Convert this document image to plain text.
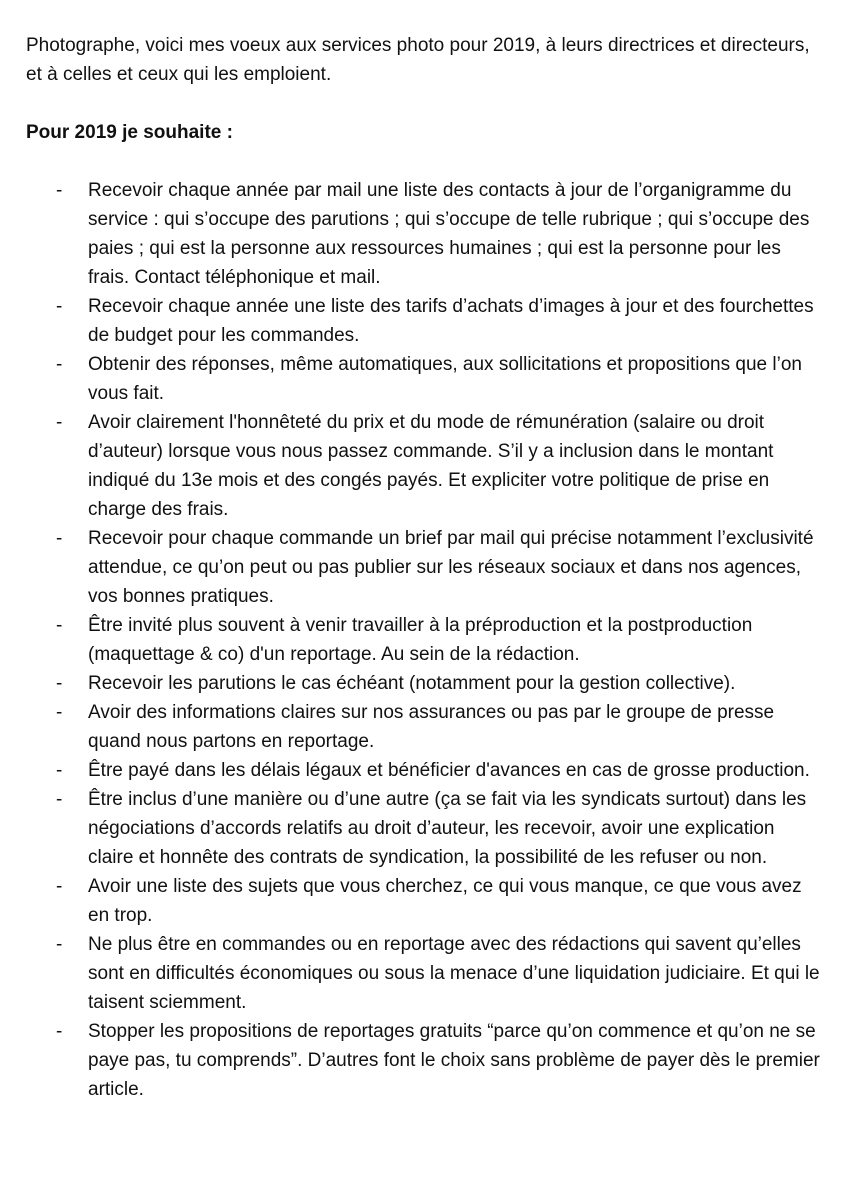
Photographe, voici mes voeux aux services photo pour 2019, à leurs directrices et directeurs, et à celles et ceux qui les emploient.

Pour 2019 je souhaite :

- Recevoir chaque année par mail une liste des contacts à jour de l’organigramme du service : qui s’occupe des parutions ; qui s’occupe de telle rubrique ; qui s’occupe des paies ; qui est la personne aux ressources humaines ; qui est la personne pour les frais. Contact téléphonique et mail.
- Recevoir chaque année une liste des tarifs d’achats d’images à jour et des fourchettes de budget pour les commandes.
- Obtenir des réponses, même automatiques, aux sollicitations et propositions que l’on vous fait.
- Avoir clairement l'honnêteté du prix et du mode de rémunération (salaire ou droit d’auteur) lorsque vous nous passez commande. S’il y a inclusion dans le montant indiqué du 13e mois et des congés payés. Et expliciter votre politique de prise en charge des frais.
- Recevoir pour chaque commande un brief par mail qui précise notamment l’exclusivité attendue, ce qu’on peut ou pas publier sur les réseaux sociaux et dans nos agences, vos bonnes pratiques.
- Être invité plus souvent à venir travailler à la préproduction et la postproduction (maquettage & co) d'un reportage. Au sein de la rédaction.
- Recevoir les parutions le cas échéant (notamment pour la gestion collective).
- Avoir des informations claires sur nos assurances ou pas par le groupe de presse quand nous partons en reportage.
- Être payé dans les délais légaux et bénéficier d'avances en cas de grosse production.
- Être inclus d’une manière ou d’une autre (ça se fait via les syndicats surtout) dans les négociations d’accords relatifs au droit d’auteur, les recevoir, avoir une explication claire et honnête des contrats de syndication, la possibilité de les refuser ou non.
- Avoir une liste des sujets que vous cherchez, ce qui vous manque, ce que vous avez en trop.
- Ne plus être en commandes ou en reportage avec des rédactions qui savent qu’elles sont en difficultés économiques ou sous la menace d’une liquidation judiciaire. Et qui le taisent sciemment.
- Stopper les propositions de reportages gratuits “parce qu’on commence et qu’on ne se paye pas, tu comprends”. D’autres font le choix sans problème de payer dès le premier article.
